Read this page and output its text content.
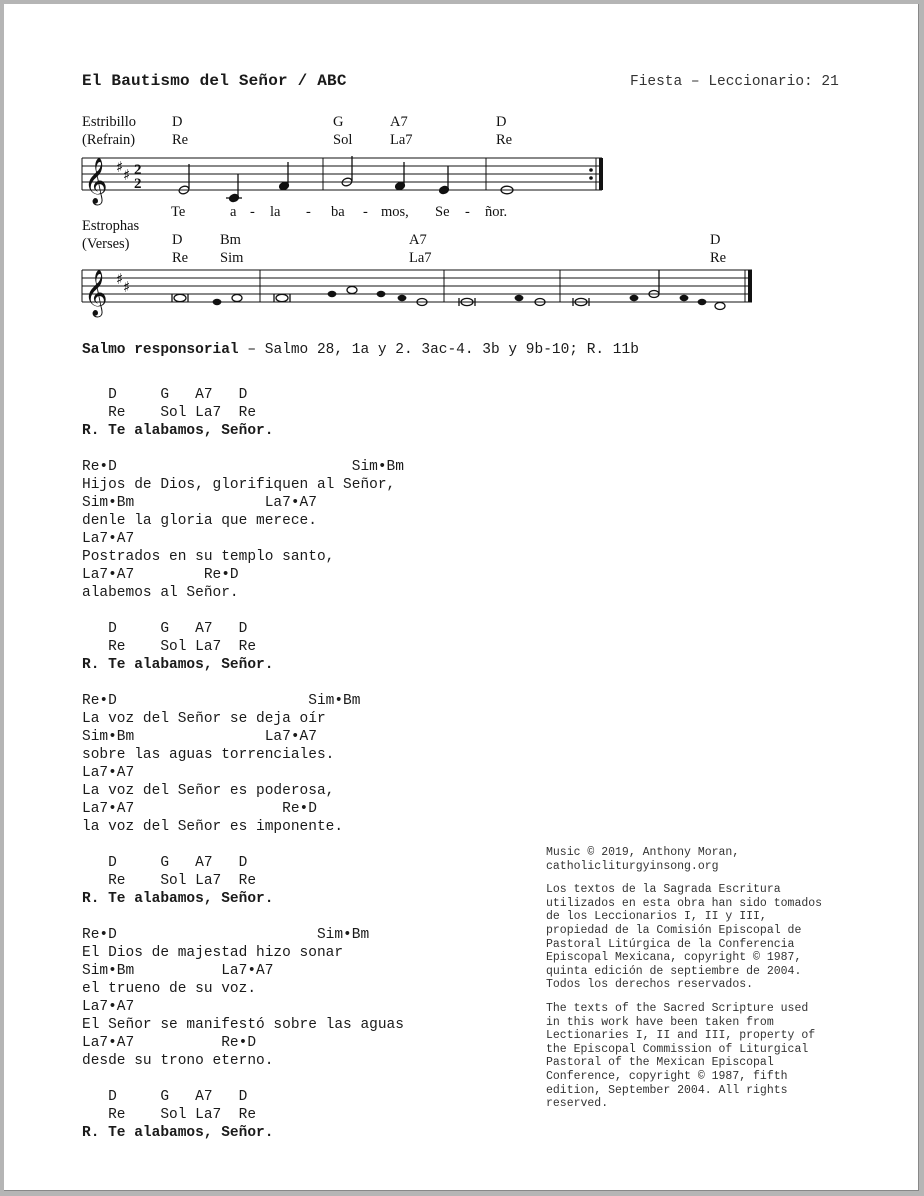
El Bautismo del Señor / ABC	Fiesta – Leccionario: 21
Estribillo
(Refrain)
D	G	A7	D
Re	Sol	La7	Re
Te	a - la - ba - mos, Se - ñor.
Estrophas
(Verses)	D	Bm	A7	D
Re Sim	La7	Re
𝄞 ♯ ♯ 2
2
𝄞 ♯ ♯
Salmo responsorial – Salmo 28, 1a y 2. 3ac-4. 3b y 9b-10; R. 11b
D     G   A7   D
Re    Sol La7  Re
R. Te alabamos, Señor.
Re•D                           Sim•Bm
Hijos de Dios, glorifiquen al Señor,
Sim•Bm               La7•A7
denle la gloria que merece.
La7•A7
Postrados en su templo santo,
La7•A7        Re•D
alabemos al Señor.
D     G   A7   D
Re    Sol La7  Re
R. Te alabamos, Señor.
Re•D                      Sim•Bm
La voz del Señor se deja oír
Sim•Bm               La7•A7
sobre las aguas torrenciales.
La7•A7
La voz del Señor es poderosa,
La7•A7                 Re•D
la voz del Señor es imponente.
D     G   A7   D
Re    Sol La7  Re
R. Te alabamos, Señor.
Re•D                       Sim•Bm
El Dios de majestad hizo sonar
Sim•Bm          La7•A7
el trueno de su voz.
La7•A7
El Señor se manifestó sobre las aguas
La7•A7          Re•D
desde su trono eterno.
D     G   A7   D
Re    Sol La7  Re
R. Te alabamos, Señor.

Music © 2019, Anthony Moran,
catholicliturgyinsong.org

Los textos de la Sagrada Escritura
utilizados en esta obra han sido tomados
de los Leccionarios I, II y III,
propiedad de la Comisión Episcopal de
Pastoral Litúrgica de la Conferencia
Episcopal Mexicana, copyright © 1987,
quinta edición de septiembre de 2004.
Todos los derechos reservados.

The texts of the Sacred Scripture used
in this work have been taken from
Lectionaries I, II and III, property of
the Episcopal Commission of Liturgical
Pastoral of the Mexican Episcopal
Conference, copyright © 1987, fifth
edition, September 2004. All rights
reserved.
